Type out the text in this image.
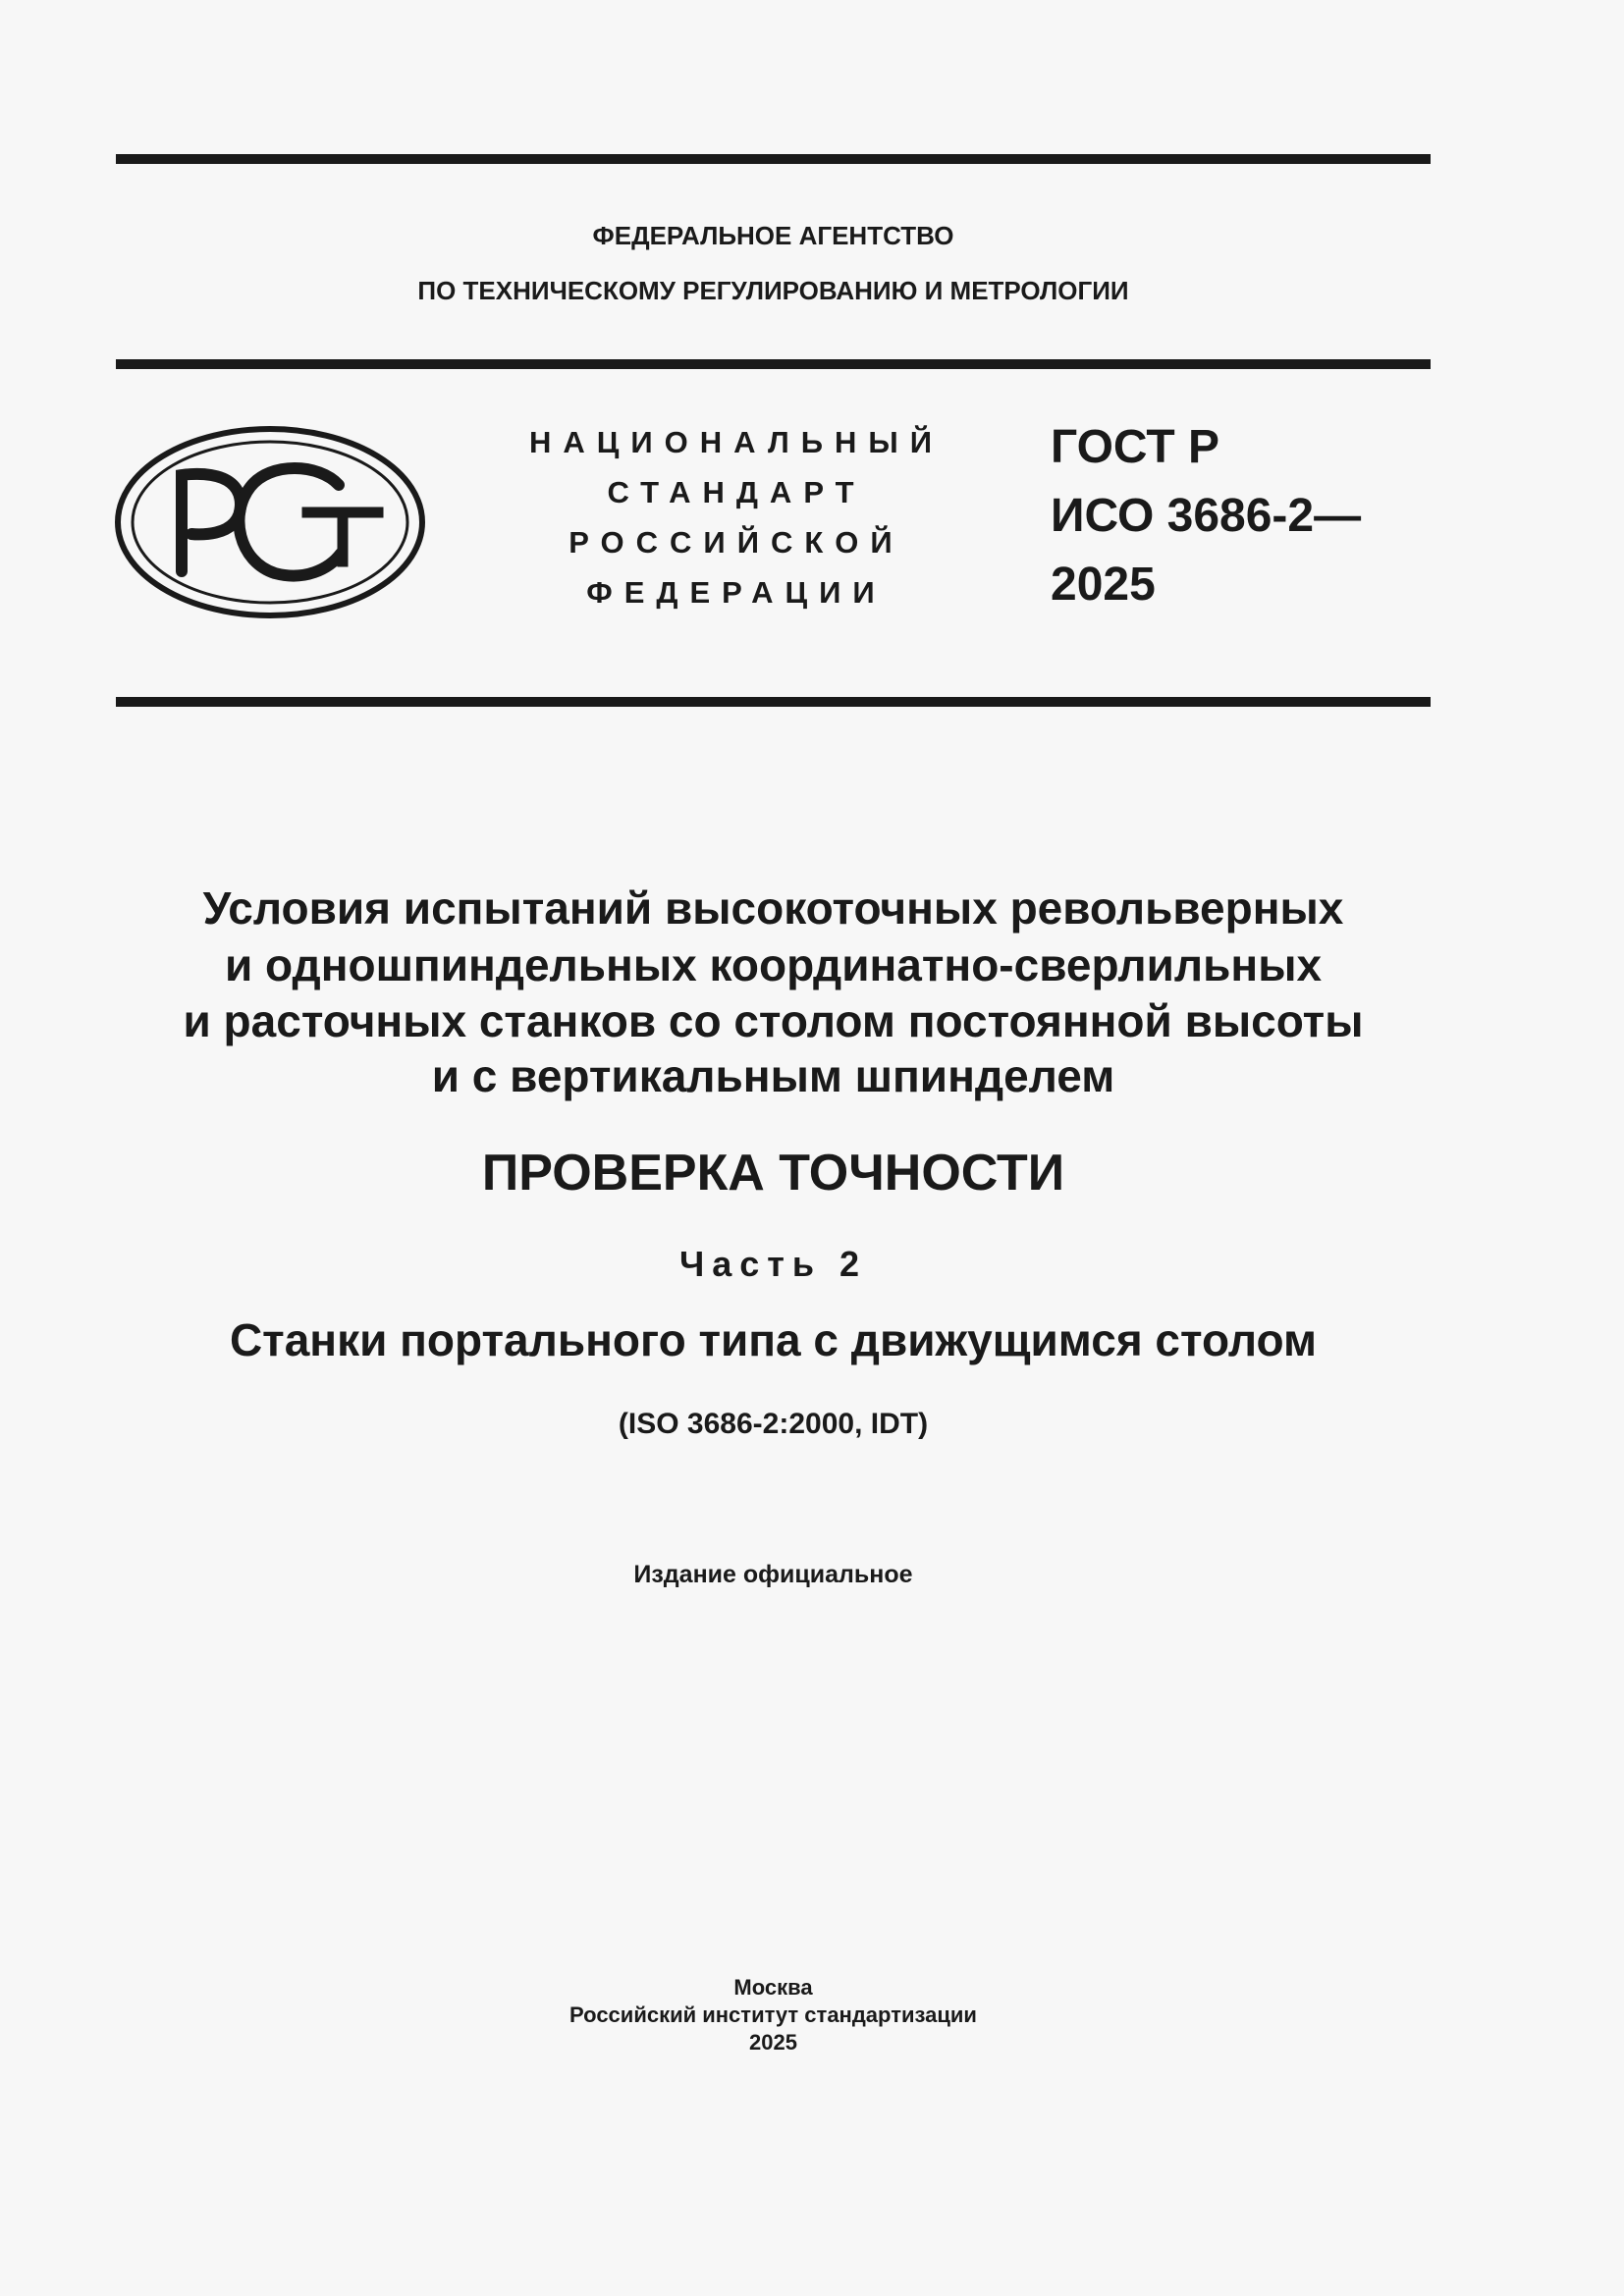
ФЕДЕРАЛЬНОЕ АГЕНТСТВО
ПО ТЕХНИЧЕСКОМУ РЕГУЛИРОВАНИЮ И МЕТРОЛОГИИ
НАЦИОНАЛЬНЫЙ
СТАНДАРТ
РОССИЙСКОЙ
ФЕДЕРАЦИИ
ГОСТ Р
ИСО 3686-2—
2025
Условия испытаний высокоточных револьверных
и одношпиндельных координатно-сверлильных
и расточных станков со столом постоянной высоты
и с вертикальным шпинделем
ПРОВЕРКА ТОЧНОСТИ
Часть 2
Станки портального типа с движущимся столом
(ISO 3686-2:2000, IDT)
Издание официальное
Москва
Российский институт стандартизации
2025
